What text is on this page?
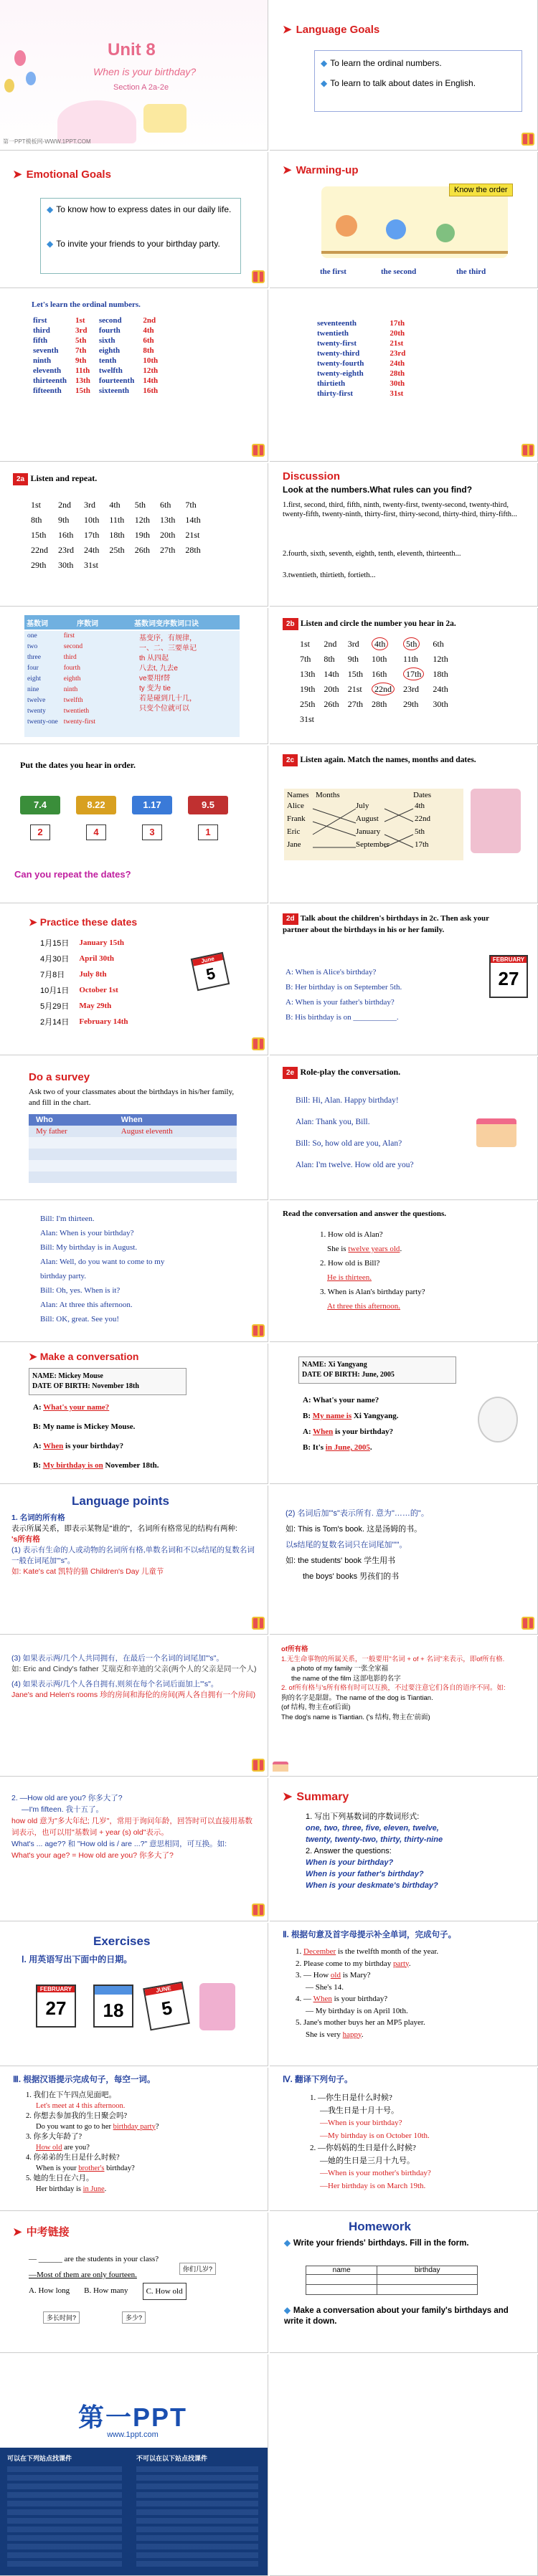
Unit 8
When is your birthday?
Section A 2a-2e
第一PPT模板网-WWW.1PPT.COM
➤ Language Goals
◆ To learn the ordinal numbers.
◆ To learn to talk about dates in English.
➤ Emotional Goals
◆ To know how to express dates in our daily life.
◆ To invite your friends to your birthday party.
➤ Warming-up
Know the order
the first	the second	the third
Let's learn the ordinal numbers.
first	1st	second	2nd
third	3rd	fourth	4th
fifth	5th	sixth	6th
seventh	7th	eighth	8th
ninth	9th	tenth	10th
eleventh	11th	twelfth	12th
thirteenth	13th	fourteenth	14th
fifteenth	15th	sixteenth	16th
seventeenth	17th
twentieth	20th
twenty-first	21st
twenty-third	23rd
twenty-fourth	24th
twenty-eighth	28th
thirtieth	30th
thirty-first	31st
2a Listen and repeat.
1st	2nd	3rd	4th	5th	6th	7th
8th	9th	10th	11th	12th	13th	14th
15th	16th	17th	18th	19th	20th	21st
22nd	23rd	24th	25th	26th	27th	28th
29th	30th	31st				
Discussion
Look at the numbers.What rules can you find?
1.first, second, third, fifth, ninth, twenty-first, twenty-second, twenty-third, twenty-fifth, twenty-ninth, thirty-first, thirty-second, thirty-third, thirty-fifth...
2.fourth, sixth, seventh, eighth, tenth, eleventh, thirteenth...
3.twentieth, thirtieth, fortieth...
基数词	序数词	基数词变序数词口诀
one	first
two	second
three	third
four	fourth
eight	eighth
nine	ninth
twelve	twelfth
twenty	twentieth
twenty-one	twenty-first
基变序，有规律，
一、二、三要单记
th 从四起
八去t, 九去e
ve要用f替
ty 变为 tie
若是碰到几十几，
只变个位就可以
2b Listen and circle the number you hear in 2a.
1st	2nd	3rd	4th	5th	6th
7th	8th	9th	10th	11th	12th
13th	14th	15th	16th	17th	18th
19th	20th	21st	22nd	23rd	24th
25th	26th	27th	28th	29th	30th
31st					
Put the dates you hear in order.
7.4
2
8.22
4
1.17
3
9.5
1
Can you repeat the dates?
2c Listen again. Match the names, months and dates.
Names Months	Dates
Alice	July	4th
Frank	August	22nd
Eric	January	5th
Jane	September	17th
➤ Practice these dates
1月15日	January 15th
4月30日	April 30th
7月8日	July 8th
10月1日	October 1st
5月29日	May 29th
2月14日	February 14th
June
5
2d Talk about the children's birthdays in 2c. Then ask your partner about the birthdays in his or her family.
A: When is Alice's birthday?
B: Her birthday is on September 5th.
A: When is your father's birthday?
B: His birthday is on ___________.
FEBRUARY
27
Do a survey
Ask two of your classmates about the birthdays in his/her family, and fill in the chart.
Who	When
My father	August eleventh

2e Role-play the conversation.
Bill: Hi, Alan. Happy birthday!
Alan: Thank you, Bill.
Bill: So, how old are you, Alan?
Alan: I'm twelve. How old are you?
Bill: I'm thirteen.
Alan: When is your birthday?
Bill: My birthday is in August.
Alan: Well, do you want to come to my
birthday party.
Bill: Oh, yes. When is it?
Alan: At three this afternoon.
Bill: OK, great. See you!
Read the conversation and answer the questions.
1. How old is Alan?
She is twelve years old.
2. How old is Bill?
He is thirteen.
3. When is Alan's birthday party?
At three this afternoon.
➤ Make a conversation
NAME: Mickey Mouse
DATE OF BIRTH: November 18th
A: What's your name?
B: My name is Mickey Mouse.
A: When is your birthday?
B: My birthday is on November 18th.
NAME: Xi Yangyang
DATE OF BIRTH: June, 2005
A: What's your name?
B: My name is Xi Yangyang.
A: When is your birthday?
B: It's in June, 2005.
Language points
1. 名词的所有格
表示所属关系，即表示某物是"谁的"，名词所有格常见的结构有两种:
's所有格
(1) 表示有生命的人或动物的名词所有格,单数名词和不以s结尾的复数名词一般在词尾加"'s"。
如: Kate's cat 凯特的猫 Children's Day 儿童节
(2) 名词后加"'s"表示所有. 意为"……的"。
如: This is Tom's book. 这是汤姆的书。
以s结尾的复数名词只在词尾加"'"。
如: the students' book 学生用书
the boys' books 男孩们的书
(3) 如果表示两/几个人共同拥有，在最后一个名词的词尾加"'s"。
如: Eric and Cindy's father 艾瑞克和辛迪的父亲(两个人的父亲是同一个人)
(4) 如果表示两/几个人各自拥有,则须在每个名词后面加上"'s"。
Jane's and Helen's rooms 珍的房间和海伦的房间(两人各自拥有一个房间)
of所有格
1.无生命事物的所属关系，一般要用"名词 + of + 名词"来表示，即of所有格.
a photo of my family 一张全家福
the name of the film 这部电影的名字
2. of所有格与's所有格有时可以互换，不过要注意它们各自的语序不同。如:
狗的名字是甜甜。The name of the dog is Tiantian.
(of 结构, 物主在of后面)
The dog's name is Tiantian. ('s 结构, 物主在'前面)
2. —How old are you? 你多大了?
—I'm fifteen. 我十五了。
how old 意为"多大年纪; 几岁"，常用于询问年龄，回答时可以直接用基数词表示，也可以用"基数词 + year (s) old"表示。
What's ... age?? 和 "How old is / are ...?" 意思相同，可互换。如:
What's your age? = How old are you? 你多大了?
➤ Summary
1. 写出下列基数词的序数词形式:
one, two, three, five, eleven, twelve,
twenty, twenty-two, thirty, thirty-nine
2. Answer the questions:
When is your birthday?
When is your father's birthday?
When is your deskmate's birthday?
Exercises
Ⅰ. 用英语写出下面中的日期。
FEBRUARY
27	18
JUNE
5
Ⅱ. 根据句意及首字母提示补全单词，完成句子。
1. December is the twelfth month of the year.
2. Please come to my birthday party.
3. — How old is Mary?
— She's 14.
4. — When is your birthday?
— My birthday is on April 10th.
5. Jane's mother buys her an MP5 player.
She is very happy.
Ⅲ. 根据汉语提示完成句子，每空一词。
1. 我们在下午四点见面吧。
Let's meet at 4 this afternoon.
2. 你想去参加我的生日聚会吗?
Do you want to go to her birthday party?
3. 你多大年龄了?
How old are you?
4. 你弟弟的生日是什么时候?
When is your brother's birthday?
5. 她的生日在六月。
Her birthday is in June.
Ⅳ. 翻译下列句子。
1. —你生日是什么时候?
—我生日是十月十号。
—When is your birthday?
—My birthday is on October 10th.
2. —你妈妈的生日是什么时候?
—她的生日是三月十九号。
—When is your mother's birthday?
—Her birthday is on March 19th.
➤ 中考链接
— ______ are the students in your class?
—Most of them are only fourteen.
A. How long B. How many	C. How old
你们几岁?
多长时间?	多少?
Homework
◆ Write your friends' birthdays. Fill in the form.
name	birthday

◆ Make a conversation about your family's birthdays and write it down.
第一PPT
www.1ppt.com
可以在下列站点找课件	不可以在以下站点找课件
